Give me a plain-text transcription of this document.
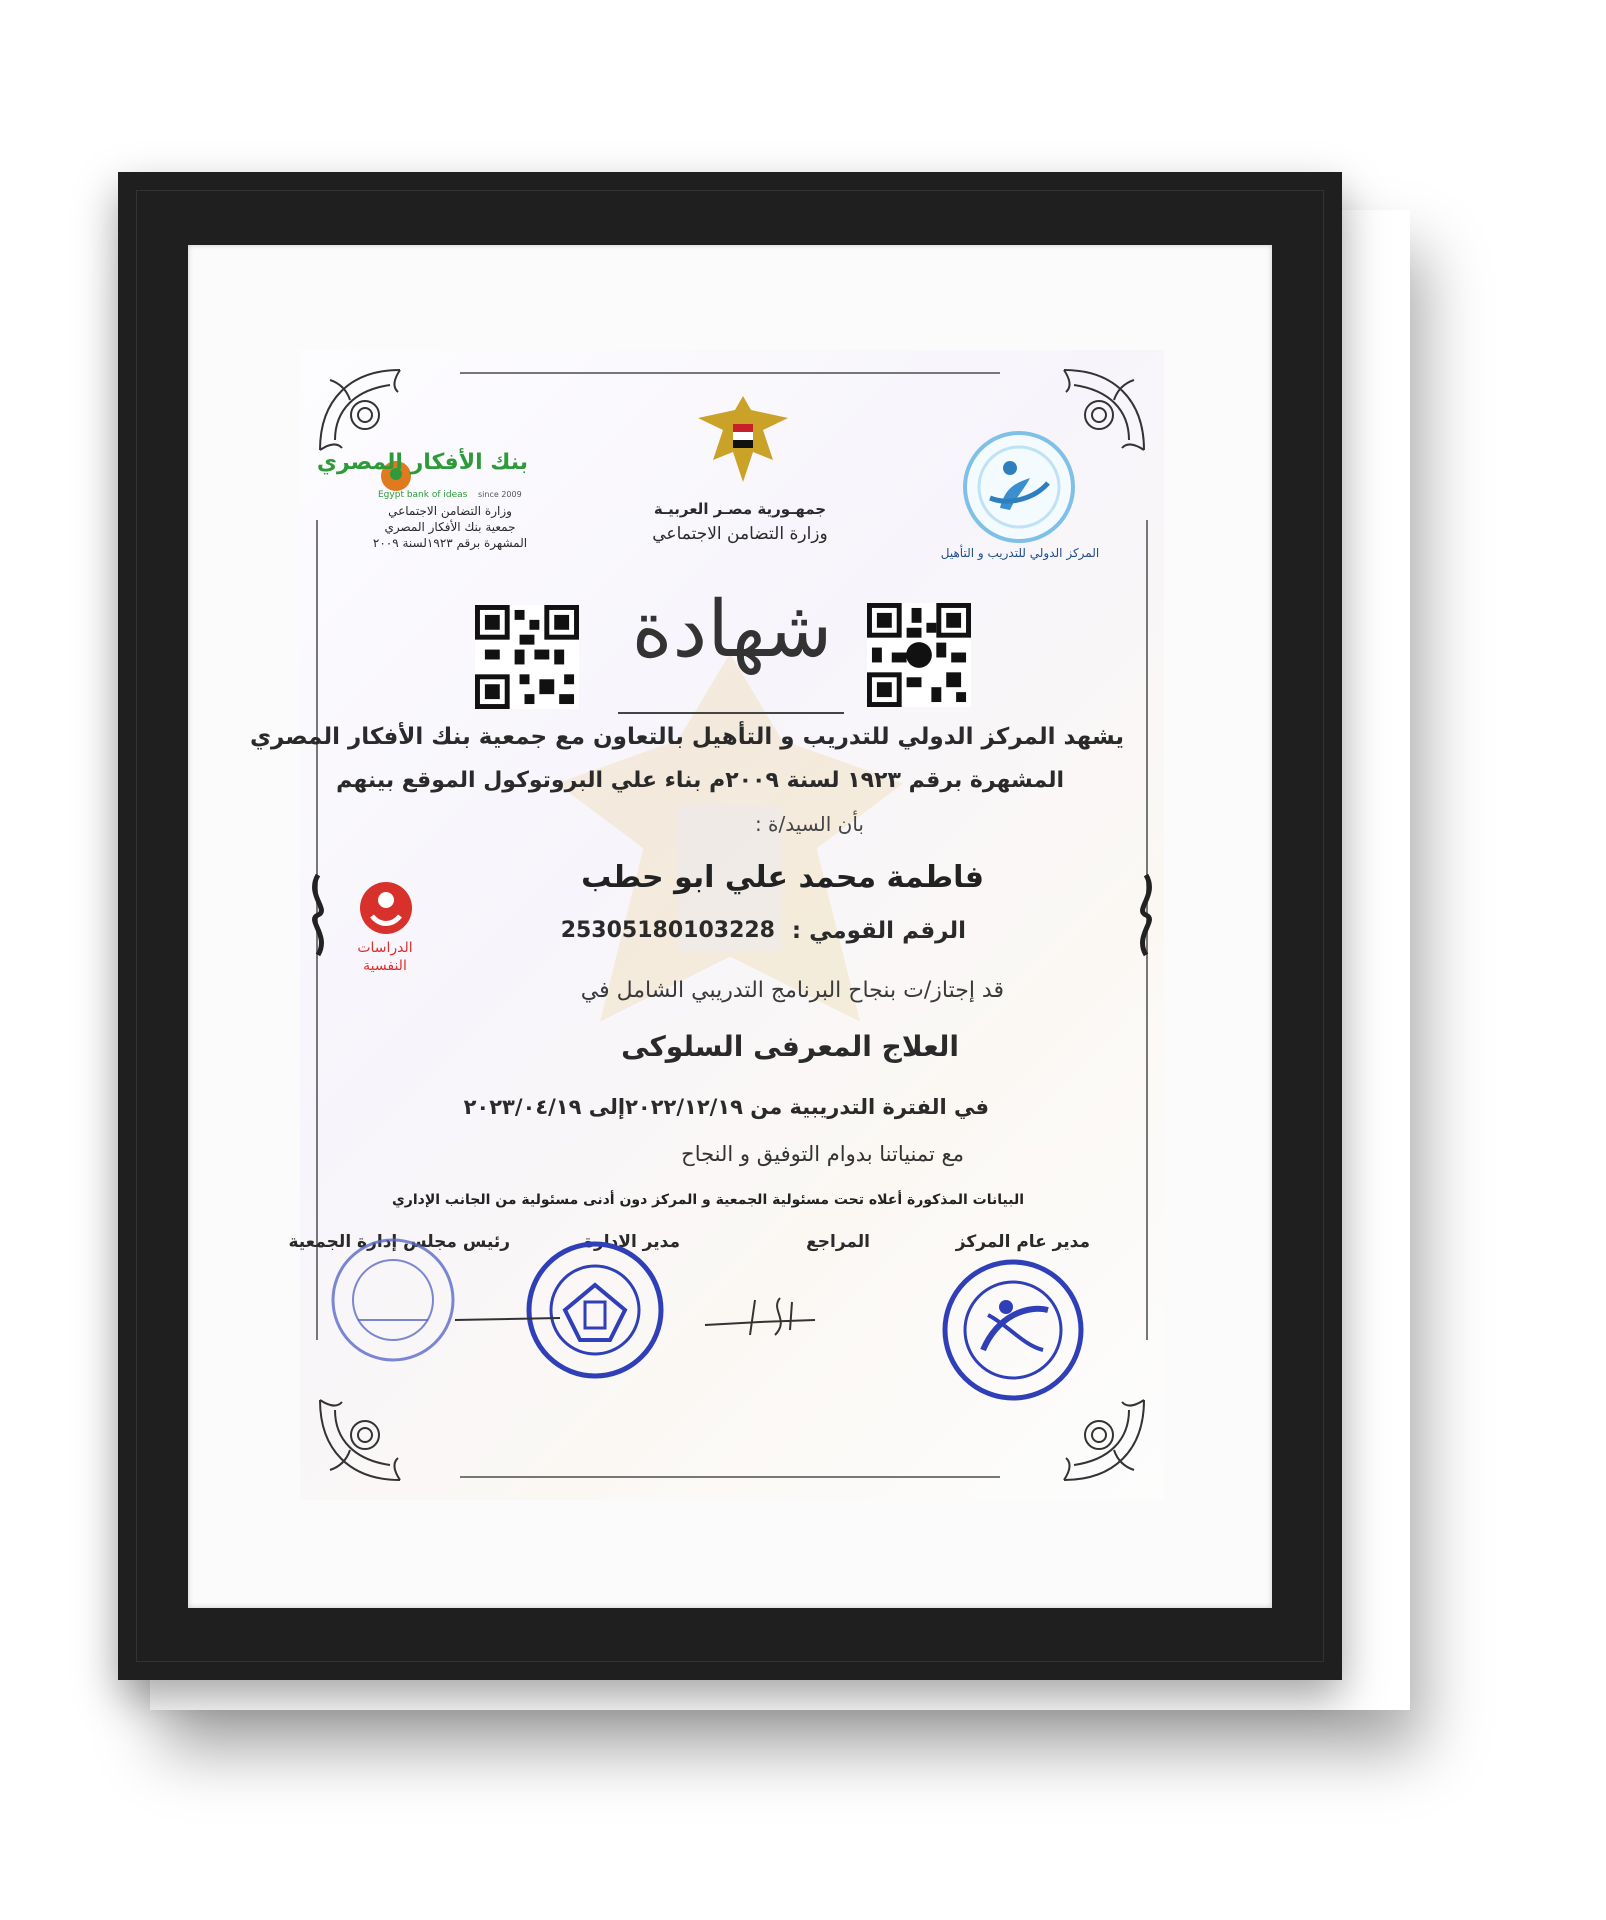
جمهـورية مصـر العربيـة
وزارة التضامن الاجتماعي
المركز الدولي للتدريب و التأهيل
بنك الأفكار المصري
Egypt bank of ideas	since 2009
وزارة التضامن الاجتماعي
جمعية بنك الأفكار المصري
المشهرة برقم ١٩٢٣لسنة ٢٠٠٩
شهادة
يشهد المركز الدولي للتدريب و التأهيل بالتعاون مع جمعية بنك الأفكار المصري
المشهرة برقم ١٩٢٣ لسنة ٢٠٠٩م بناء علي البروتوكول الموقع بينهم
بأن السيد/ة :
فاطمة محمد علي ابو حطب
الرقم القومي :
25305180103228
الدراسات
النفسية
قد إجتاز/ت بنجاح البرنامج التدريبي الشامل في
العلاج المعرفى السلوكى
في الفترة التدريبية من ٢٠٢٢/١٢/١٩إلى ٢٠٢٣/٠٤/١٩
مع تمنياتنا بدوام التوفيق و النجاح
البيانات المذكورة أعلاه تحت مسئولية الجمعية و المركز دون أدنى مسئولية من الجانب الإداري
مدير عام المركز
المراجع
مدير الإدارة
رئيس مجلس إدارة الجمعية
